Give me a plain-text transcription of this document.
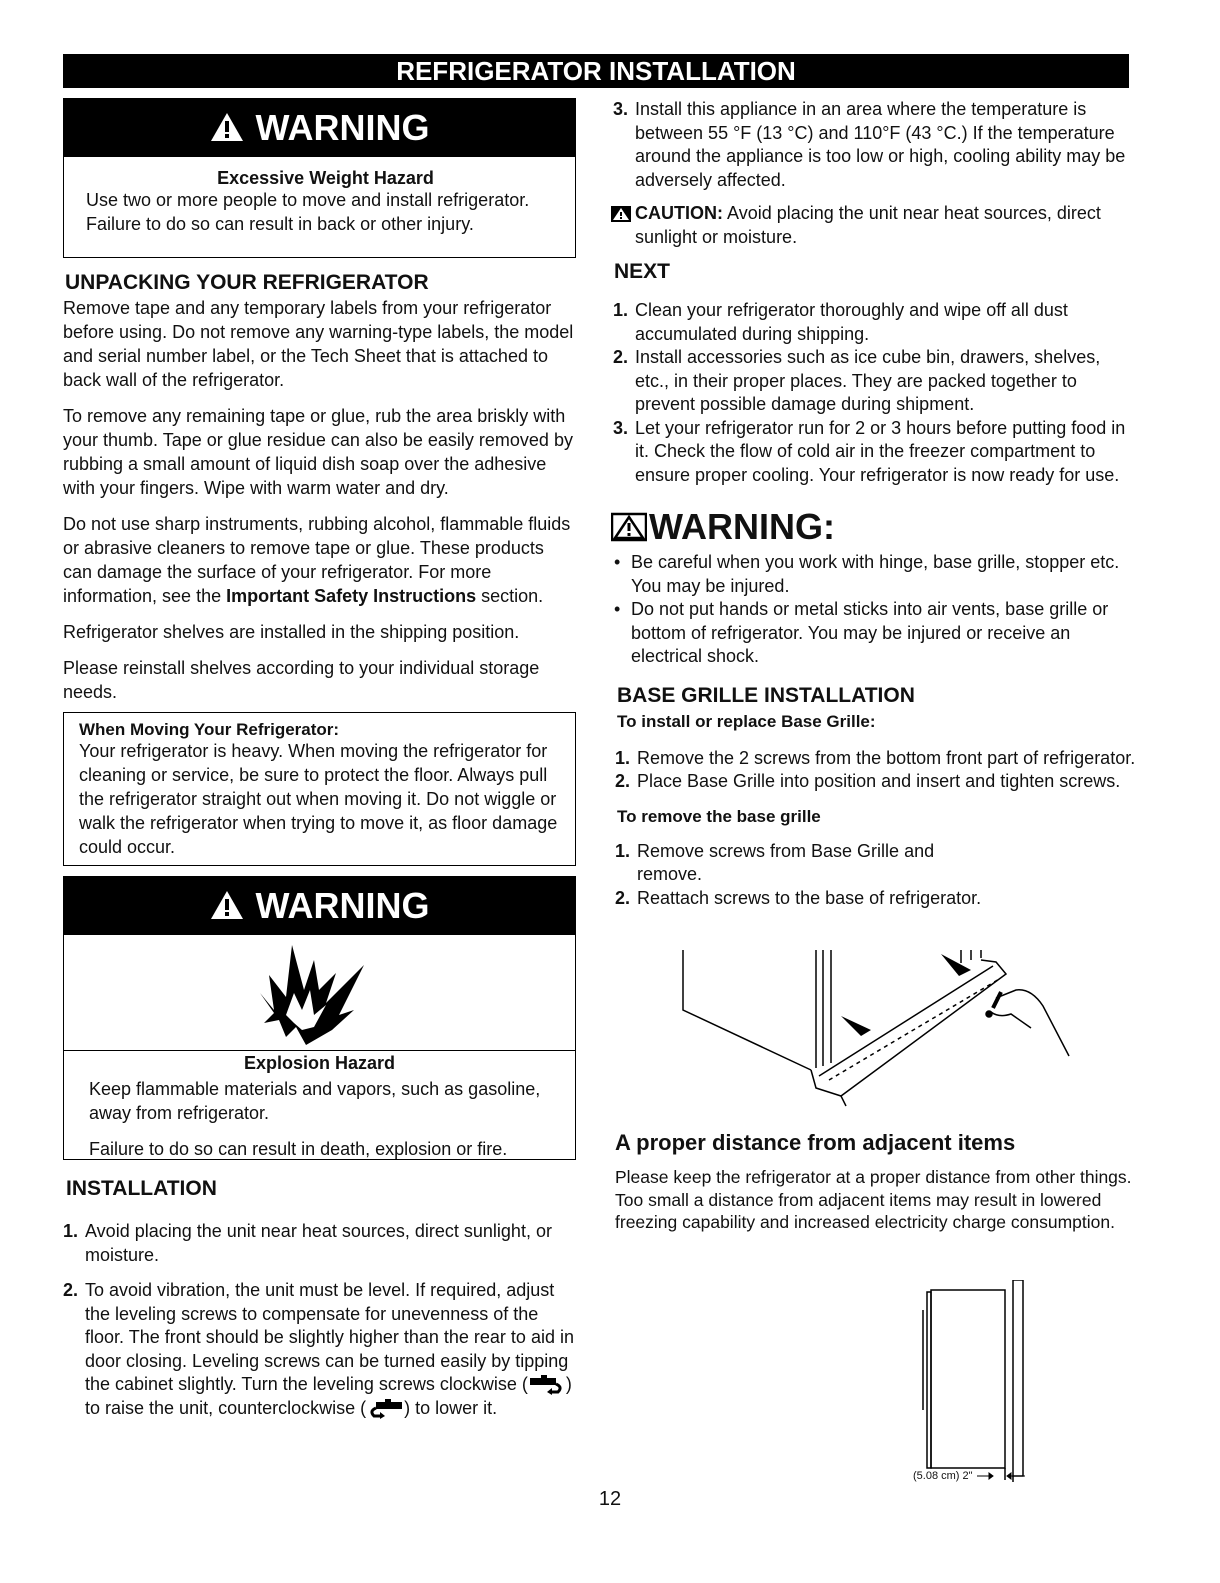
REFRIGERATOR INSTALLATION
WARNING
Excessive Weight Hazard

Use two or more people to move and install refrigerator.

Failure to do so can result in back or other injury.

UNPACKING YOUR REFRIGERATOR

Remove tape and any temporary labels from your refrigerator before using. Do not remove any warning-type labels, the model and serial number label, or the Tech Sheet that is attached to back wall of the refrigerator.

To remove any remaining tape or glue, rub the area briskly with your thumb. Tape or glue residue can also be easily removed by rubbing a small amount of liquid dish soap over the adhesive with your fingers. Wipe with warm water and dry.

Do not use sharp instruments, rubbing alcohol, flammable fluids or abrasive cleaners to remove tape or glue. These products can damage the surface of your refrigerator. For more information, see the Important Safety Instructions section.

Refrigerator shelves are installed in the shipping position.

Please reinstall shelves according to your individual storage needs.

When Moving Your Refrigerator:

Your refrigerator is heavy. When moving the refrigerator for cleaning or service, be sure to protect the floor. Always pull the refrigerator straight out when moving it. Do not wiggle or walk the refrigerator when trying to move it, as floor damage could occur.

WARNING
Explosion Hazard

Keep flammable materials and vapors, such as gasoline, away from refrigerator.

Failure to do so can result in death, explosion or fire.

INSTALLATION
1. Avoid placing the unit near heat sources, direct sunlight, or moisture.
2. To avoid vibration, the unit must be level. If required, adjust the leveling screws to compensate for unevenness of the floor. The front should be slightly higher than the rear to aid in door closing. Leveling screws can be turned easily by tipping the cabinet slightly. Turn the leveling screws clockwise ( ) to raise the unit, counterclockwise ( ) to lower it.
3. Install this appliance in an area where the temperature is between 55 °F (13 °C) and 110°F (43 °C.) If the temperature around the appliance is too low or high, cooling ability may be adversely affected.
CAUTION: Avoid placing the unit near heat sources, direct sunlight or moisture.
NEXT
1. Clean your refrigerator thoroughly and wipe off all dust accumulated during shipping.
2. Install accessories such as ice cube bin, drawers, shelves, etc., in their proper places. They are packed together to prevent possible damage during shipment.
3. Let your refrigerator run for 2 or 3 hours before putting food in it. Check the flow of cold air in the freezer compartment to ensure proper cooling. Your refrigerator is now ready for use.
WARNING:
• Be careful when you work with hinge, base grille, stopper etc. You may be injured.
• Do not put hands or metal sticks into air vents, base grille or bottom of refrigerator. You may be injured or receive an electrical shock.
BASE GRILLE INSTALLATION
To install or replace Base Grille:
1. Remove the 2 screws from the bottom front part of refrigerator.
2. Place Base Grille into position and insert and tighten screws.
To remove the base grille
1. Remove screws from Base Grille and remove.
2. Reattach screws to the base of refrigerator.
A proper distance from adjacent items

Please keep the refrigerator at a proper distance from other things. Too small a distance from adjacent items may result in lowered freezing capability and increased electricity charge consumption.

(5.08 cm) 2"
12
